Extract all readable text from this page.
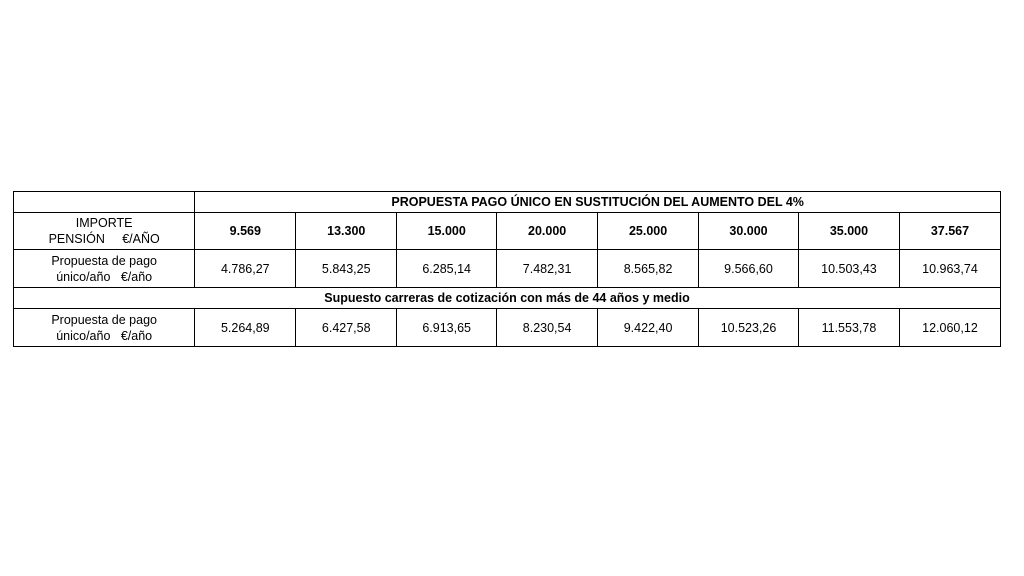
	PROPUESTA PAGO ÚNICO EN SUSTITUCIÓN DEL AUMENTO DEL 4%							

IMPORTE
PENSIÓN     €/AÑO	9.569	13.300	15.000	20.000	25.000	30.000	35.000	37.567

Propuesta de pago
único/año   €/año	4.786,27	5.843,25	6.285,14	7.482,31	8.565,82	9.566,60	10.503,43	10.963,74
Supuesto carreras de cotización con más de 44 años y medio								

Propuesta de pago
único/año   €/año	5.264,89	6.427,58	6.913,65	8.230,54	9.422,40	10.523,26	11.553,78	12.060,12
